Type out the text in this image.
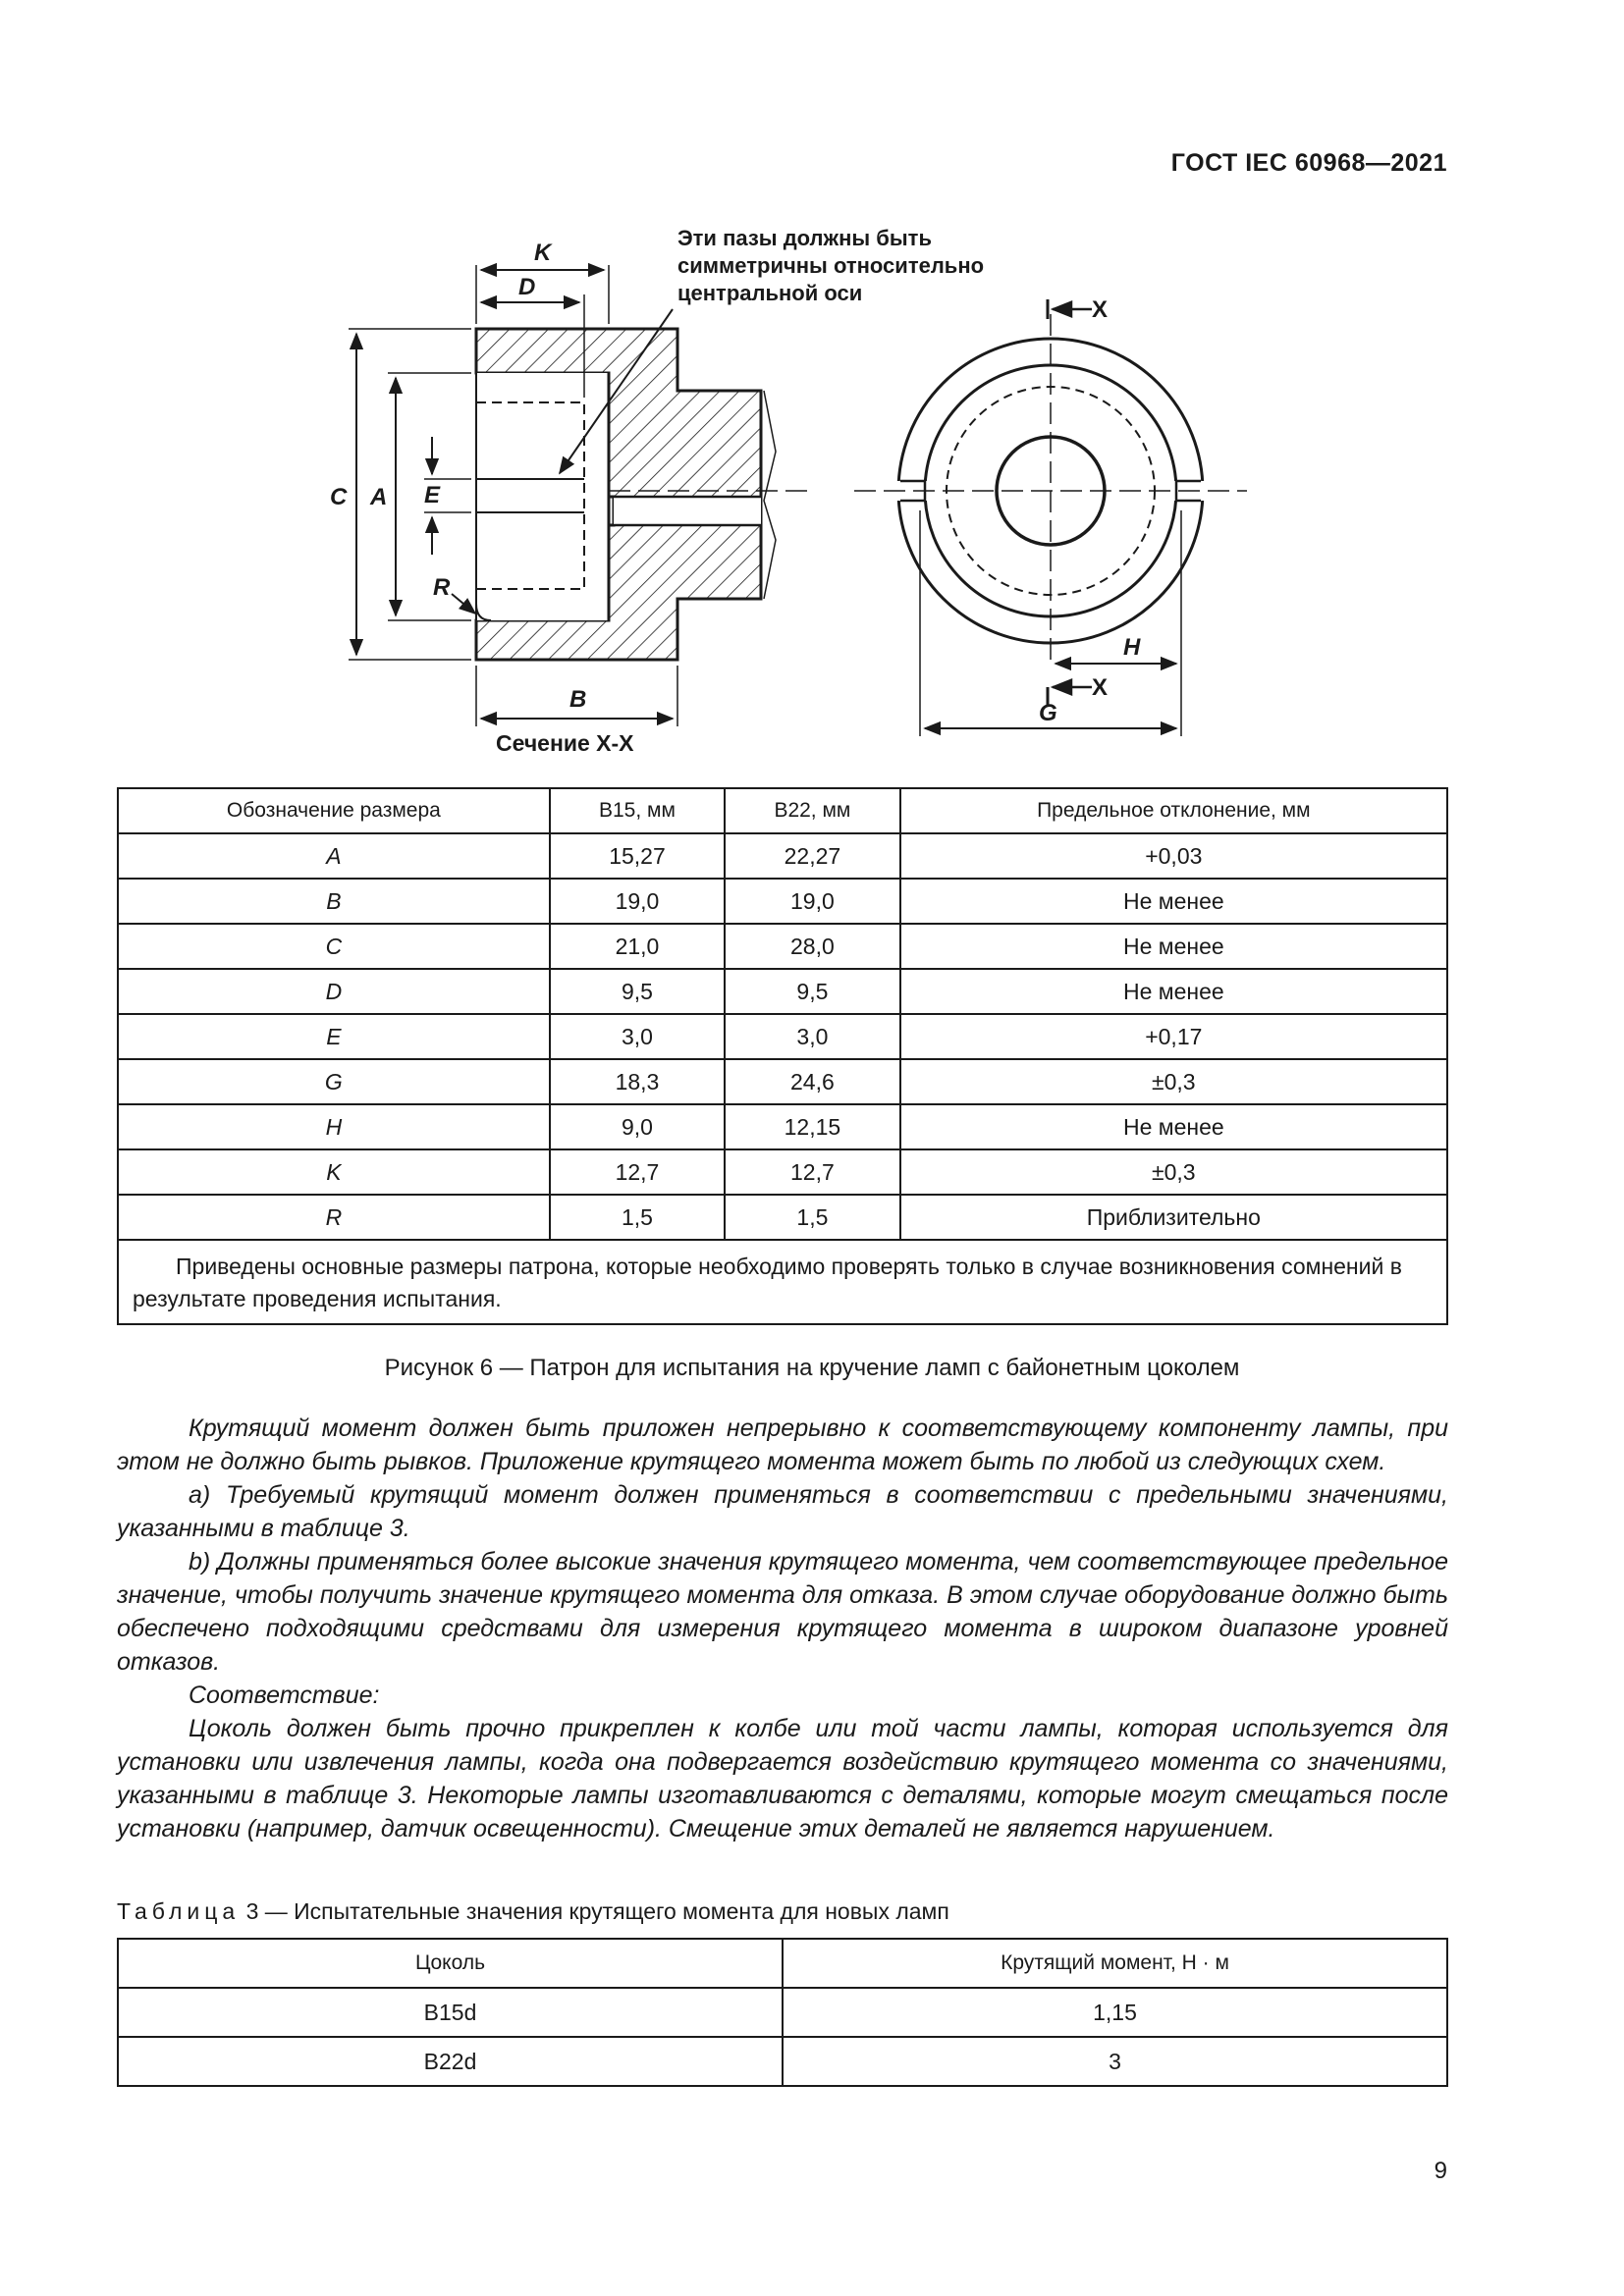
ГОСТ IEC 60968—2021
Эти пазы должны быть
симметричны относительно
центральной оси
K
D
C A E
R
B
Сечение X-X
X
X
H
G
Обозначение размера	B15, мм	B22, мм	Предельное отклонение, мм
A	15,27	22,27	+0,03
B	19,0	19,0	Не менее
C	21,0	28,0	Не менее
D	9,5	9,5	Не менее
E	3,0	3,0	+0,17
G	18,3	24,6	±0,3
H	9,0	12,15	Не менее
K	12,7	12,7	±0,3
R	1,5	1,5	Приблизительно
Приведены основные размеры патрона, которые необходимо проверять только в случае возникновения сомнений в результате проведения испытания.			
Рисунок 6 — Патрон для испытания на кручение ламп с байонетным цоколем

Крутящий момент должен быть приложен непрерывно к соответствующему компоненту лампы, при этом не должно быть рывков. Приложение крутящего момента может быть по любой из следующих схем.

а) Требуемый крутящий момент должен применяться в соответствии с предельными значениями, указанными в таблице 3.

b) Должны применяться более высокие значения крутящего момента, чем соответствующее предельное значение, чтобы получить значение крутящего момента для отказа. В этом случае оборудование должно быть обеспечено подходящими средствами для измерения крутящего момента в широком диапазоне уровней отказов.

Соответствие:

Цоколь должен быть прочно прикреплен к колбе или той части лампы, которая используется для установки или извлечения лампы, когда она подвергается воздействию крутящего момента со значениями, указанными в таблице 3. Некоторые лампы изготавливаются с деталями, которые могут смещаться после установки (например, датчик освещенности). Смещение этих деталей не является нарушением.

Таблица 3 — Испытательные значения крутящего момента для новых ламп
Цоколь	Крутящий момент, Н · м
B15d	1,15
B22d	3
9
